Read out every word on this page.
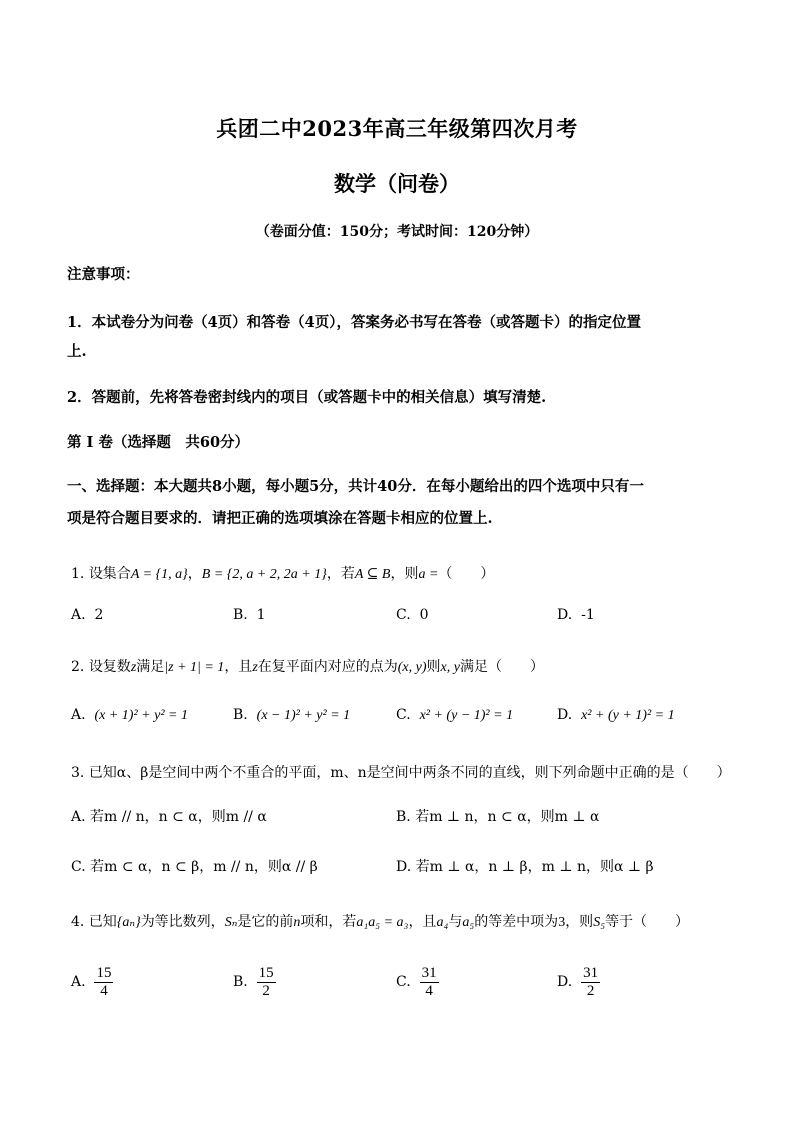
兵团二中2023年高三年级第四次月考
数学（问卷）
（卷面分值：150分；考试时间：120分钟）
注意事项：
1．本试卷分为问卷（4页）和答卷（4页），答案务必书写在答卷（或答题卡）的指定位置
上.
2．答题前，先将答卷密封线内的项目（或答题卡中的相关信息）填写清楚.
第 I 卷（选择题　共60分）
一、选择题：本大题共8小题，每小题5分，共计40分．在每小题给出的四个选项中只有一
项是符合题目要求的．请把正确的选项填涂在答题卡相应的位置上.
1. 设集合A = {1, a}，B = {2, a + 2, 2a + 1}，若A ⊆ B，则a =（　　）
A. 2	B. 1	C. 0	D. -1
2. 设复数z满足|z + 1| = 1，且z在复平面内对应的点为(x, y)则x, y满足（　　）
A. (x + 1)² + y² = 1	B. (x − 1)² + y² = 1	C. x² + (y − 1)² = 1	D. x² + (y + 1)² = 1
3. 已知α、β是空间中两个不重合的平面，m、n是空间中两条不同的直线，则下列命题中正确的是（　　）
A. 若m // n，n ⊂ α，则m // α	B. 若m ⊥ n，n ⊂ α，则m ⊥ α
C. 若m ⊂ α，n ⊂ β，m // n，则α // β	D. 若m ⊥ α，n ⊥ β，m ⊥ n，则α ⊥ β
4. 已知{aₙ}为等比数列，Sₙ是它的前n项和，若a₁a₅ = a₃，且a₄与a₅的等差中项为3，则S₅等于（　　）
A. $\frac{15}{4}$	B. $\frac{15}{2}$	C. $\frac{31}{4}$	D. $\frac{31}{2}$
